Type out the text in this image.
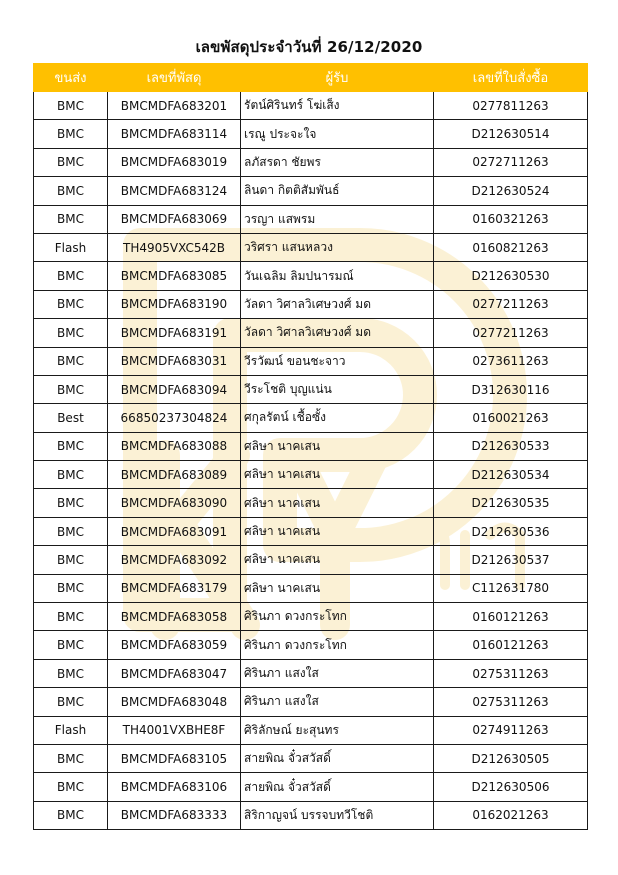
เลขพัสดุประจำวันที่ 26/12/2020
ขนส่ง	เลขที่พัสดุ	ผู้รับ	เลขที่ใบสั่งซื้อ
BMC	BMCMDFA683201	รัตน์ศิรินทร์ โฆ่เส็ง	0277811263
BMC	BMCMDFA683114	เรณู ประจะใจ	D212630514
BMC	BMCMDFA683019	ลภัสรดา ชัยพร	0272711263
BMC	BMCMDFA683124	ลินดา กิตติสัมพันธ์	D212630524
BMC	BMCMDFA683069	วรญา แสพรม	0160321263
Flash	TH4905VXC542B	วริศรา แสนหลวง	0160821263
BMC	BMCMDFA683085	วันเฉลิม ลิมปนารมณ์	D212630530
BMC	BMCMDFA683190	วัลดา วิศาลวิเศษวงศ์ มด	0277211263
BMC	BMCMDFA683191	วัลดา วิศาลวิเศษวงศ์ มด	0277211263
BMC	BMCMDFA683031	วีรวัฒน์ ขอนชะจาว	0273611263
BMC	BMCMDFA683094	วีระโชติ บุญแน่น	D312630116
Best	66850237304824	ศกุลรัตน์ เชื้อซั้ง	0160021263
BMC	BMCMDFA683088	ศลิษา นาคเสน	D212630533
BMC	BMCMDFA683089	ศลิษา นาคเสน	D212630534
BMC	BMCMDFA683090	ศลิษา นาคเสน	D212630535
BMC	BMCMDFA683091	ศลิษา นาคเสน	D212630536
BMC	BMCMDFA683092	ศลิษา นาคเสน	D212630537
BMC	BMCMDFA683179	ศลิษา นาคเสน	C112631780
BMC	BMCMDFA683058	ศิรินภา ดวงกระโทก	0160121263
BMC	BMCMDFA683059	ศิรินภา ดวงกระโทก	0160121263
BMC	BMCMDFA683047	ศิรินภา แสงใส	0275311263
BMC	BMCMDFA683048	ศิรินภา แสงใส	0275311263
Flash	TH4001VXBHE8F	ศิริลักษณ์ ยะสุนทร	0274911263
BMC	BMCMDFA683105	สายพิณ จั๋วสวัสดิ์	D212630505
BMC	BMCMDFA683106	สายพิณ จั๋วสวัสดิ์	D212630506
BMC	BMCMDFA683333	สิริกาญจน์ บรรจบทวีโชติ	0162021263
